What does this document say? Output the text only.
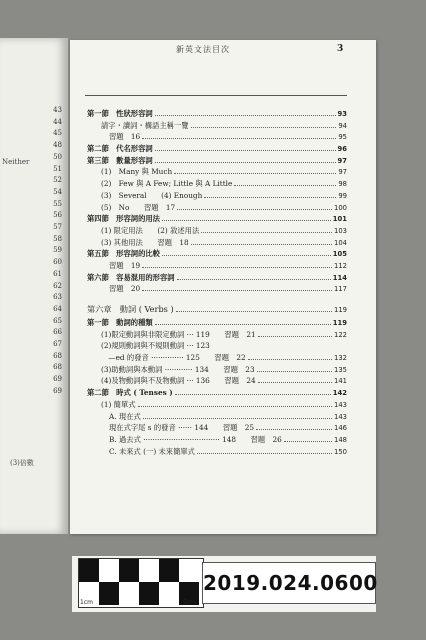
43
44
45
48
50
51
52
54
55
56
57
58
59
60
61
62
63
64
65
66
67
68
68
69
69
Neither
(3)倍數
新英文法目次	3
第一節　性狀形容詞	93
請字・讀詞・構語主稱一覽	94
習題　16	95
第二節　代名形容詞	96
第三節　數量形容詞	97
(1)　Many 與 Much	97
(2)　Few 與 A Few; Little 與 A Little	98
(3)　Several　　(4) Enough	99
(5)　No　　習題　17	100
第四節　形容詞的用法	101
(1) 限定用法　　(2) 敘述用法	103
(3) 其他用法　　習題　18	104
第五節　形容詞的比較	105
習題　19	112
第六節　容易混用的形容詞	114
習題　20	117
第六章　動詞 ( Verbs )	119
第一節　動詞的種類	119
(1)限定動詞與非限定動詞 ··· 119　　習題　21	122
(2)規則動詞與不規則動詞 ··· 123
　—ed 的發音 ·············· 125　　習題　22	132
(3)助動詞與本動詞 ············ 134　　習題　23	135
(4)及物動詞與不及物動詞 ··· 136　　習題　24	141
第二節　時式 ( Tenses )	142
(1) 簡單式	143
A. 現在式	143
現在式字尾 s 的發音 ······ 144　　習題　25	146
B. 過去式 ································· 148　　習題　26	148
C. 未來式 (一) 未來簡單式	150
1cm	5cm
2019.024.0600
